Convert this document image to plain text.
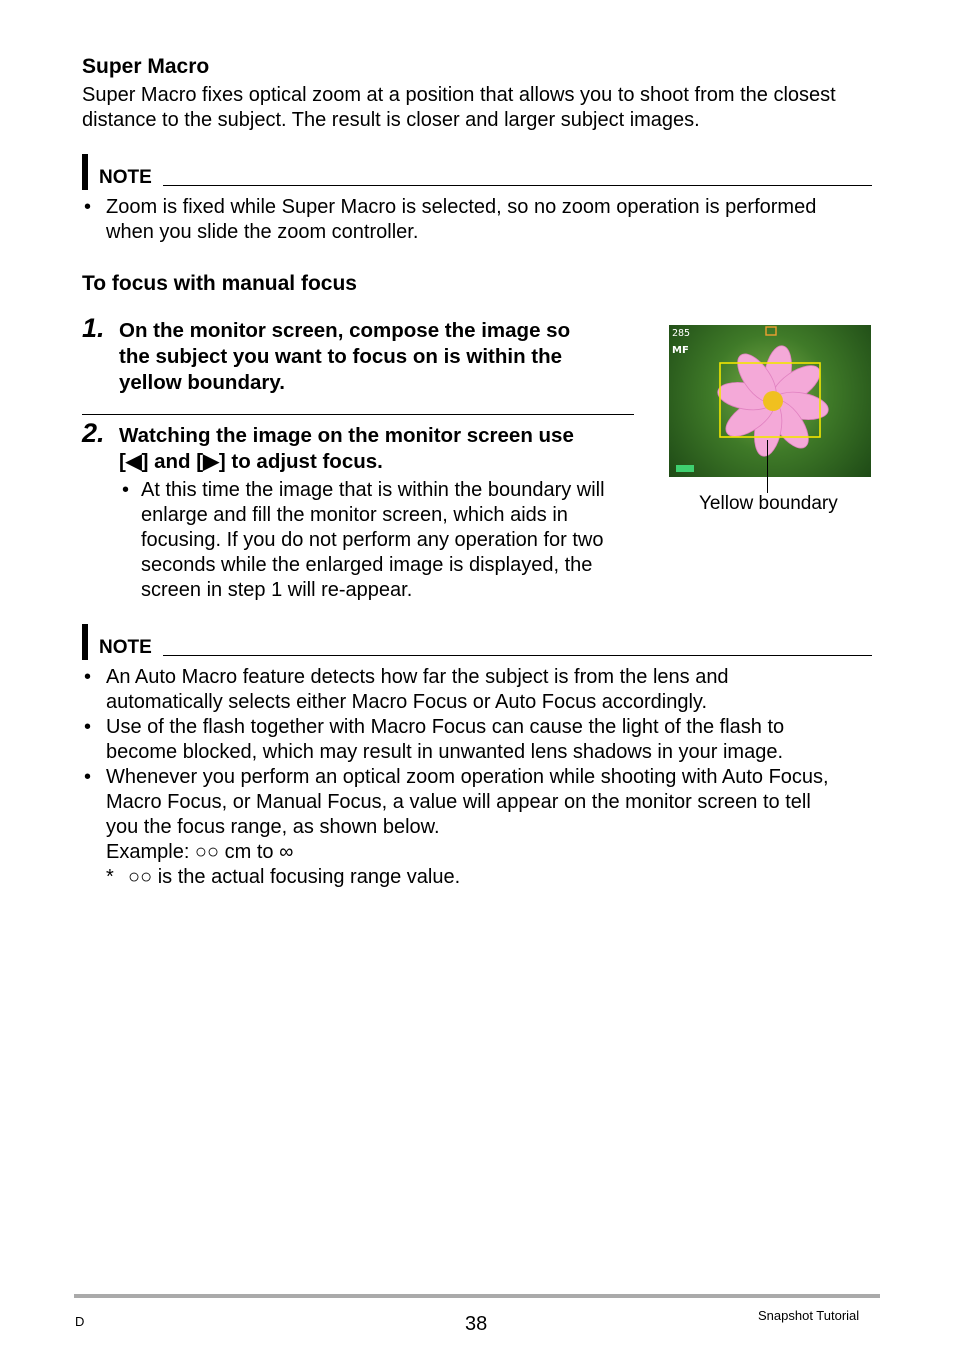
Super Macro
Super Macro fixes optical zoom at a position that allows you to shoot from the closest
distance to the subject. The result is closer and larger subject images.
NOTE
• Zoom is fixed while Super Macro is selected, so no zoom operation is performed
when you slide the zoom controller.
To focus with manual focus
1. On the monitor screen, compose the image so
the subject you want to focus on is within the
yellow boundary.
2. Watching the image on the monitor screen use
[◀] and [▶] to adjust focus.
• At this time the image that is within the boundary will
enlarge and fill the monitor screen, which aids in
focusing. If you do not perform any operation for two
seconds while the enlarged image is displayed, the
screen in step 1 will re-appear.
285
MF
Yellow boundary
NOTE
• An Auto Macro feature detects how far the subject is from the lens and
automatically selects either Macro Focus or Auto Focus accordingly.
• Use of the flash together with Macro Focus can cause the light of the flash to
become blocked, which may result in unwanted lens shadows in your image.
• Whenever you perform an optical zoom operation while shooting with Auto Focus,
Macro Focus, or Manual Focus, a value will appear on the monitor screen to tell
you the focus range, as shown below.
Example: ○○ cm to ∞
* ○○ is the actual focusing range value.
D	38	Snapshot Tutorial
